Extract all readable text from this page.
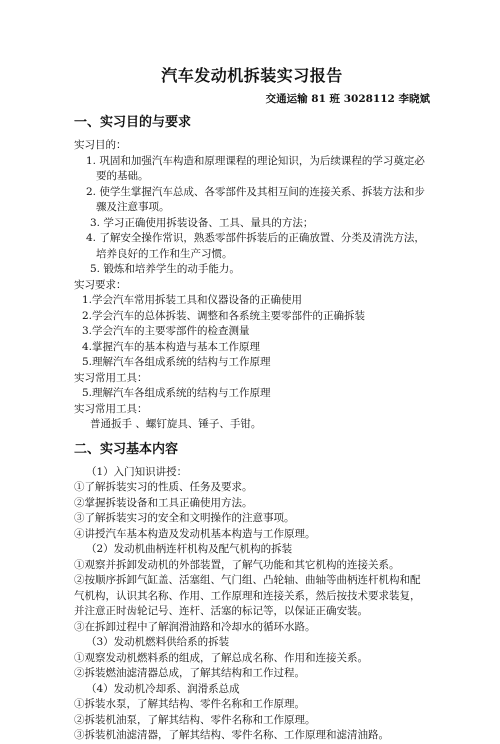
汽车发动机拆装实习报告
交通运输 81 班 3028112 李晓斌
一、实习目的与要求
实习目的：
1. 巩固和加强汽车构造和原理课程的理论知识，为后续课程的学习奠定必要的基础。
2. 使学生掌握汽车总成、各零部件及其相互间的连接关系、拆装方法和步骤及注意事项。
3. 学习正确使用拆装设备、工具、量具的方法；
4. 了解安全操作常识，熟悉零部件拆装后的正确放置、分类及清洗方法，培养良好的工作和生产习惯。
5. 锻炼和培养学生的动手能力。
实习要求：
1.学会汽车常用拆装工具和仪器设备的正确使用
2.学会汽车的总体拆装、调整和各系统主要零部件的正确拆装
3.学会汽车的主要零部件的检查测量
4.掌握汽车的基本构造与基本工作原理
5.理解汽车各组成系统的结构与工作原理
实习常用工具：
5.理解汽车各组成系统的结构与工作原理
实习常用工具：
普通扳手 、螺钉旋具、锤子、手钳。
二、实习基本内容
（1）入门知识讲授：
①了解拆装实习的性质、任务及要求。
②掌握拆装设备和工具正确使用方法。
③了解拆装实习的安全和文明操作的注意事项。
④讲授汽车基本构造及发动机基本构造与工作原理。
（2）发动机曲柄连杆机构及配气机构的拆装
①观察并拆卸发动机的外部装置，了解气功能和其它机构的连接关系。
②按顺序拆卸气缸盖、活塞组、气门组、凸轮轴、曲轴等曲柄连杆机构和配气机构，认识其名称、作用、工作原理和连接关系，然后按技术要求装复，并注意正时齿轮记号、连杆、活塞的标记等，以保证正确安装。
③在拆卸过程中了解润滑油路和冷却水的循环水路。
（3）发动机燃料供给系的拆装
①观察发动机燃料系的组成，了解总成名称、作用和连接关系。
②拆装燃油滤清器总成，了解其结构和工作过程。
（4）发动机冷却系、润滑系总成
①拆装水泵，了解其结构、零件名称和工作原理。
②拆装机油泵，了解其结构、零件名称和工作原理。
③拆装机油滤清器，了解其结构、零件名称、工作原理和滤清油路。
